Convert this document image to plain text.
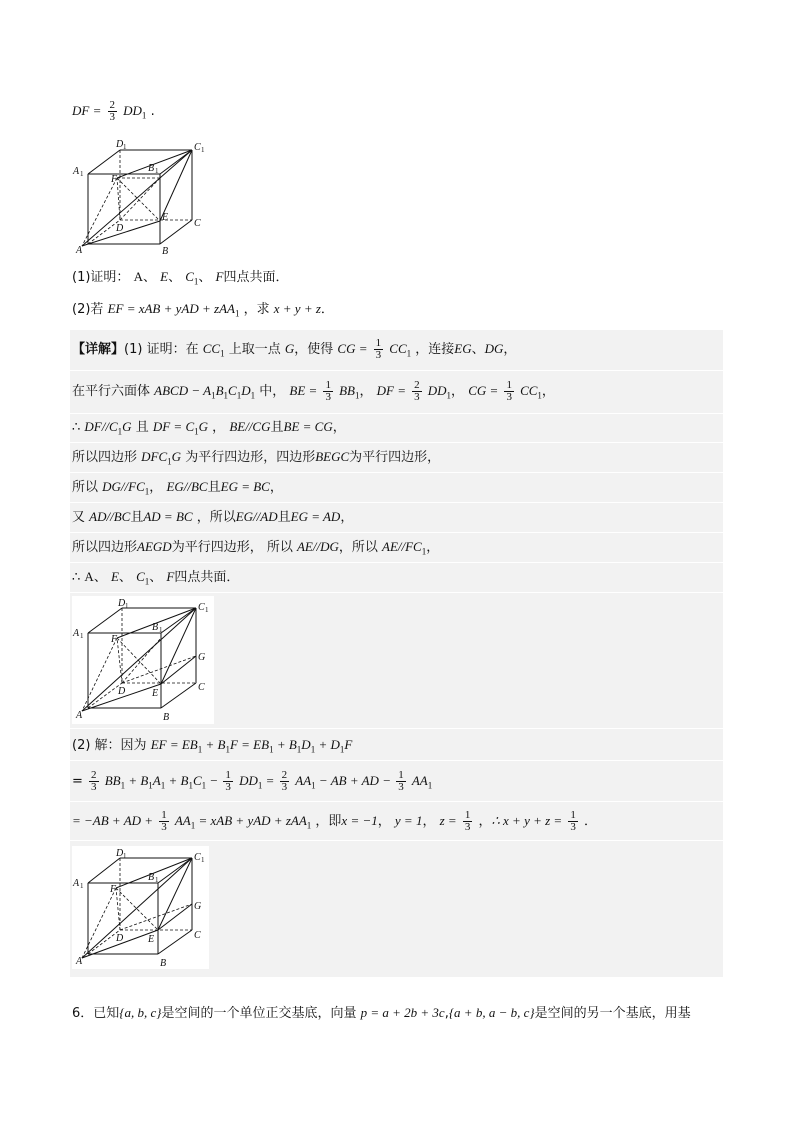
DF = $\frac{2}{3} DD_1$ .
D 1	C 1
A 1	B 1
F
D
E
C
A	B
(1)证明： A、 E、 $C_1$、 F四点共面．
(2)若 EF = xAB + yAD + zAA$_1$ ，求 x + y + z．
【详解】(1) 证明：在 $CC_1$ 上取一点 G，使得 CG = $\frac{1}{3} CC_1$ ，连接EG、DG，
在平行六面体 ABCD − $A_1B_1C_1D_1$ 中， BE = $\frac{1}{3} BB_1$， DF = $\frac{2}{3} DD_1$， CG = $\frac{1}{3} CC_1$，
∴ $DF//C_1G$ 且 DF = $C_1G$ ， BE//CG且BE = CG，
所以四边形 $DFC_1G$ 为平行四边形，四边形BEGC为平行四边形，
所以 $DG//FC_1$， EG//BC且EG = BC，
又 AD//BC且AD = BC ，所以EG//AD且EG = AD，
所以四边形AEGD为平行四边形， 所以 AE//DG，所以 $AE//FC_1$，
∴ A、 E、 $C_1$、 F四点共面．
D 1	C 1
A 1
B 1
F
G
D	E
C
A	B
(2) 解：因为 EF = $EB_1 + B_1F = EB_1 + B_1D_1 + D_1F$
= $\frac{2}{3} BB_1 + B_1A_1 + B_1C_1 - \frac{1}{3} DD_1 = \frac{2}{3} AA_1$ − AB + AD − $\frac{1}{3} AA_1$
= −AB + AD + $\frac{1}{3} AA_1$ = xAB + yAD + zAA$_1$ ，即x = −1， y = 1， $z = \frac{1}{3}$ ，∴ $x + y + z = \frac{1}{3}$ ．
D 1	C 1
A 1
B 1
F
G
D E	C
A	B
6．已知{a, b, c}是空间的一个单位正交基底，向量 p = a + 2b + 3c,{a + b, a − b, c}是空间的另一个基底，用基
